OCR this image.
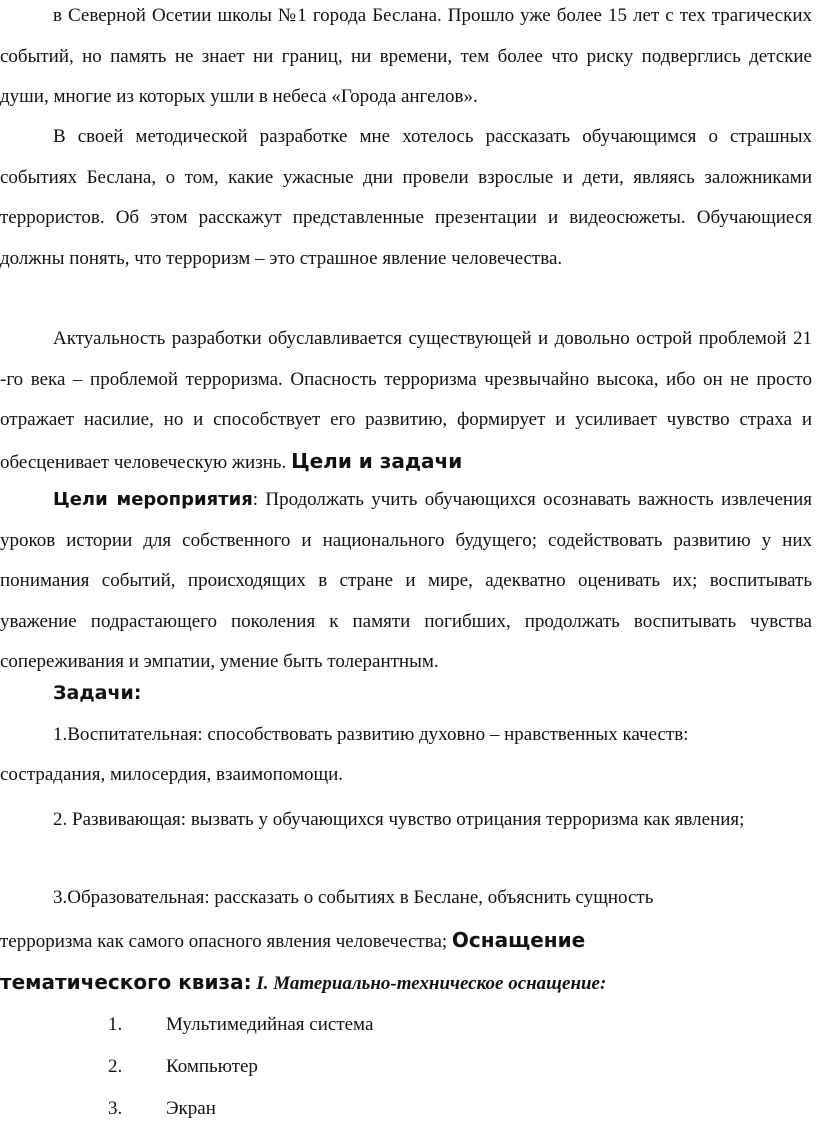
в Северной Осетии школы №1 города Беслана. Прошло уже более 15 лет с тех трагических событий, но память не знает ни границ, ни времени, тем более что риску подверглись детские души, многие из которых ушли в небеса «Города ангелов».

В своей методической разработке мне хотелось рассказать обучающимся о страшных событиях Беслана, о том, какие ужасные дни провели взрослые и дети, являясь заложниками террористов. Об этом расскажут представленные презентации и видеосюжеты. Обучающиеся должны понять, что терроризм – это страшное явление человечества.

Актуальность разработки обуславливается существующей и довольно острой проблемой 21 -го века – проблемой терроризма. Опасность терроризма чрезвычайно высока, ибо он не просто отражает насилие, но и способствует его развитию, формирует и усиливает чувство страха и обесценивает человеческую жизнь. Цели и задачи

Цели мероприятия: Продолжать учить обучающихся осознавать важность извлечения уроков истории для собственного и национального будущего; содействовать развитию у них понимания событий, происходящих в стране и мире, адекватно оценивать их; воспитывать уважение подрастающего поколения к памяти погибших, продолжать воспитывать чувства сопереживания и эмпатии, умение быть толерантным.

Задачи:
1.Воспитательная: способствовать развитию духовно – нравственных качеств:
сострадания, милосердия, взаимопомощи.

2. Развивающая: вызвать у обучающихся чувство отрицания терроризма как явления;

3.Образовательная: рассказать о событиях в Беслане, объяснить сущность
терроризма как самого опасного явления человечества; Оснащение
тематического квиза: I. Материально-техническое оснащение:
1. Мультимедийная система
2. Компьютер
3. Экран
